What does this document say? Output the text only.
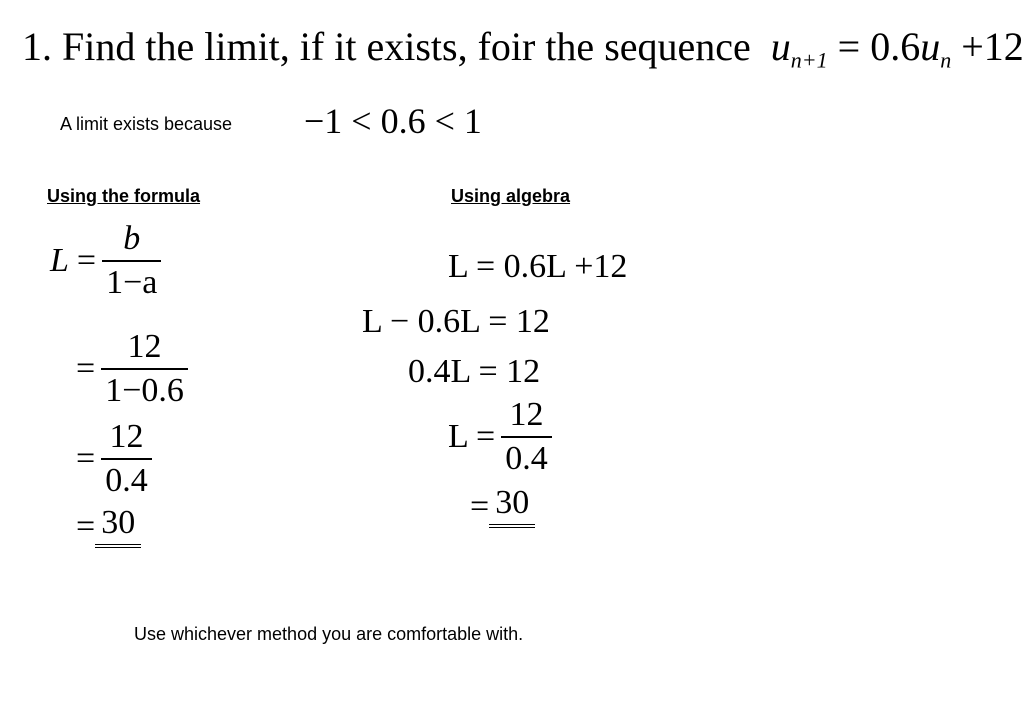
1. Find the limit, if it exists, foir the sequence $u_{n+1} = 0.6u_n +12$
A limit exists because −1 < 0.6 < 1
Using the formula	Using algebra
$L = \frac{b}{1-a}$
= $\frac{12}{1-0.6}$
= $\frac{12}{0.4}$
= 30
L = 0.6L +12
L − 0.6L = 12
0.4L = 12
$L = \frac{12}{0.4}$
= 30
Use whichever method you are comfortable with.
